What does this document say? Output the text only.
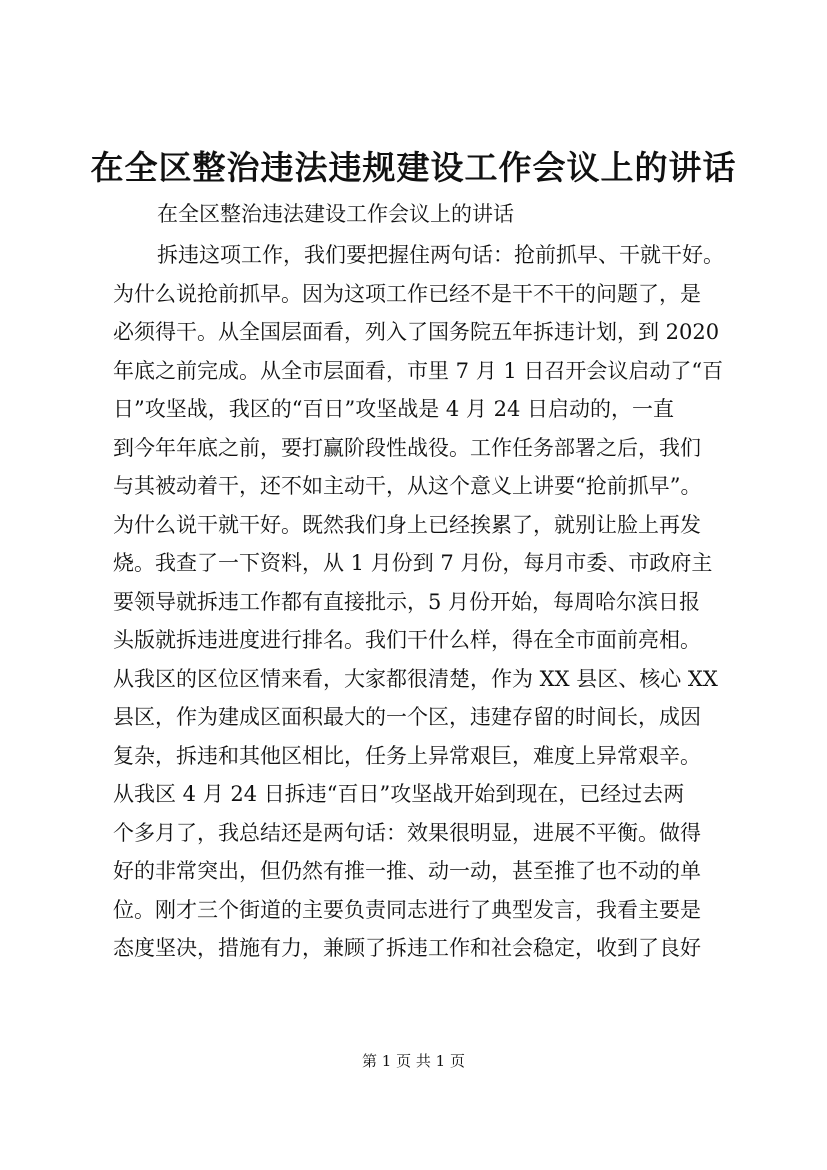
在全区整治违法违规建设工作会议上的讲话
在全区整治违法建设工作会议上的讲话
拆违这项工作，我们要把握住两句话：抢前抓早、干就干好。
为什么说抢前抓早。因为这项工作已经不是干不干的问题了，是
必须得干。从全国层面看，列入了国务院五年拆违计划，到 2020
年底之前完成。从全市层面看，市里 7 月 1 日召开会议启动了“百
日”攻坚战，我区的“百日”攻坚战是 4 月 24 日启动的，一直
到今年年底之前，要打赢阶段性战役。工作任务部署之后，我们
与其被动着干，还不如主动干，从这个意义上讲要“抢前抓早”。
为什么说干就干好。既然我们身上已经挨累了，就别让脸上再发
烧。我查了一下资料，从 1 月份到 7 月份，每月市委、市政府主
要领导就拆违工作都有直接批示，5 月份开始，每周哈尔滨日报
头版就拆违进度进行排名。我们干什么样，得在全市面前亮相。
从我区的区位区情来看，大家都很清楚，作为 XX 县区、核心 XX
县区，作为建成区面积最大的一个区，违建存留的时间长，成因
复杂，拆违和其他区相比，任务上异常艰巨，难度上异常艰辛。
从我区 4 月 24 日拆违“百日”攻坚战开始到现在，已经过去两
个多月了，我总结还是两句话：效果很明显，进展不平衡。做得
好的非常突出，但仍然有推一推、动一动，甚至推了也不动的单
位。刚才三个街道的主要负责同志进行了典型发言，我看主要是
态度坚决，措施有力，兼顾了拆违工作和社会稳定，收到了良好
第 1 页 共 1 页
